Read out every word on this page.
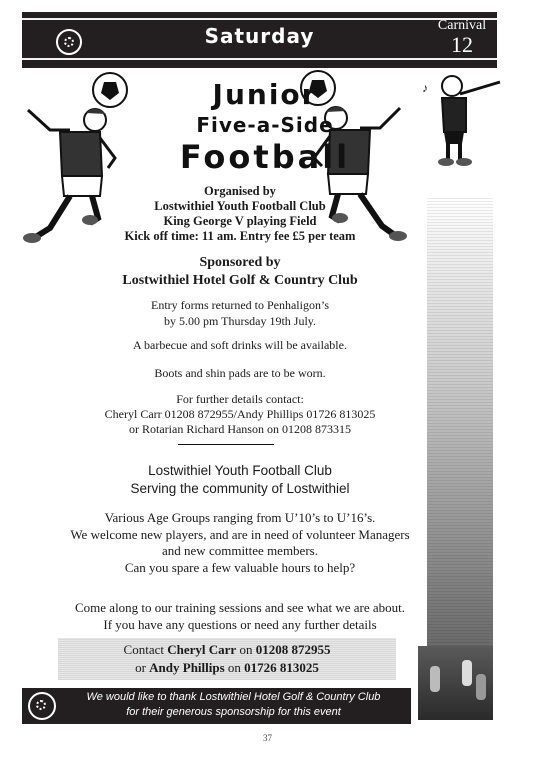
Saturday	Carnival
12
♪
Junior
Five-a-Side
Football
Organised by
Lostwithiel Youth Football Club
King George V playing Field
Kick off time: 11 am. Entry fee £5 per team
Sponsored by
Lostwithiel Hotel Golf & Country Club
Entry forms returned to Penhaligon’s
by 5.00 pm Thursday 19th July.
A barbecue and soft drinks will be available.
Boots and shin pads are to be worn.
For further details contact:
Cheryl Carr 01208 872955/Andy Phillips 01726 813025
or Rotarian Richard Hanson on 01208 873315
Lostwithiel Youth Football Club
Serving the community of Lostwithiel
Various Age Groups ranging from U’10’s to U’16’s.
We welcome new players, and are in need of volunteer Managers
and new committee members.
Can you spare a few valuable hours to help?
Come along to our training sessions and see what we are about.
If you have any questions or need any further details
Contact Cheryl Carr on 01208 872955
or Andy Phillips on 01726 813025
We would like to thank Lostwithiel Hotel Golf & Country Club
for their generous sponsorship for this event
37
